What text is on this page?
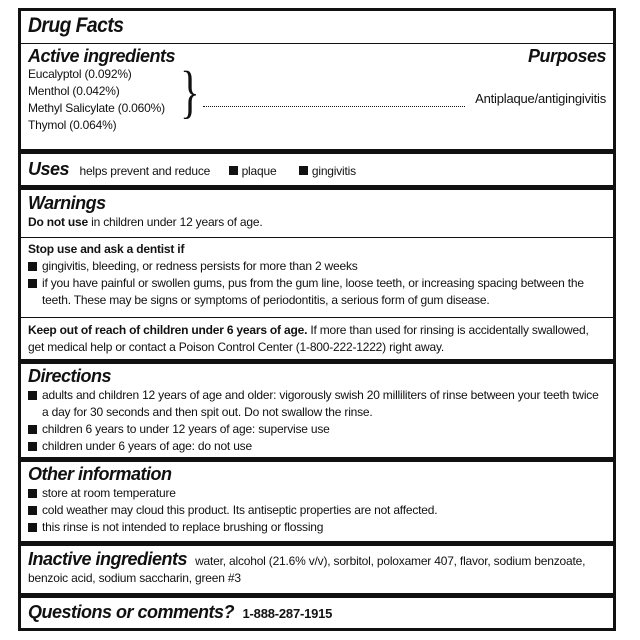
Drug Facts
Active ingredients	Purposes
Eucalyptol (0.092%)
Menthol (0.042%)
Methyl Salicylate (0.060%)
Thymol (0.064%)
}	Antiplaque/antigingivitis
Uses helps prevent and reduce	plaque	gingivitis
Warnings
Do not use in children under 12 years of age.
Stop use and ask a dentist if
gingivitis, bleeding, or redness persists for more than 2 weeks
if you have painful or swollen gums, pus from the gum line, loose teeth, or increasing spacing between the teeth. These may be signs or symptoms of periodontitis, a serious form of gum disease.
Keep out of reach of children under 6 years of age. If more than used for rinsing is accidentally swallowed, get medical help or contact a Poison Control Center (1-800-222-1222) right away.
Directions
adults and children 12 years of age and older: vigorously swish 20 milliliters of rinse between your teeth twice a day for 30 seconds and then spit out. Do not swallow the rinse.
children 6 years to under 12 years of age: supervise use
children under 6 years of age: do not use
Other information
store at room temperature
cold weather may cloud this product. Its antiseptic properties are not affected.
this rinse is not intended to replace brushing or flossing
Inactive ingredients water, alcohol (21.6% v/v), sorbitol, poloxamer 407, flavor, sodium benzoate, benzoic acid, sodium saccharin, green #3
Questions or comments? 1-888-287-1915
